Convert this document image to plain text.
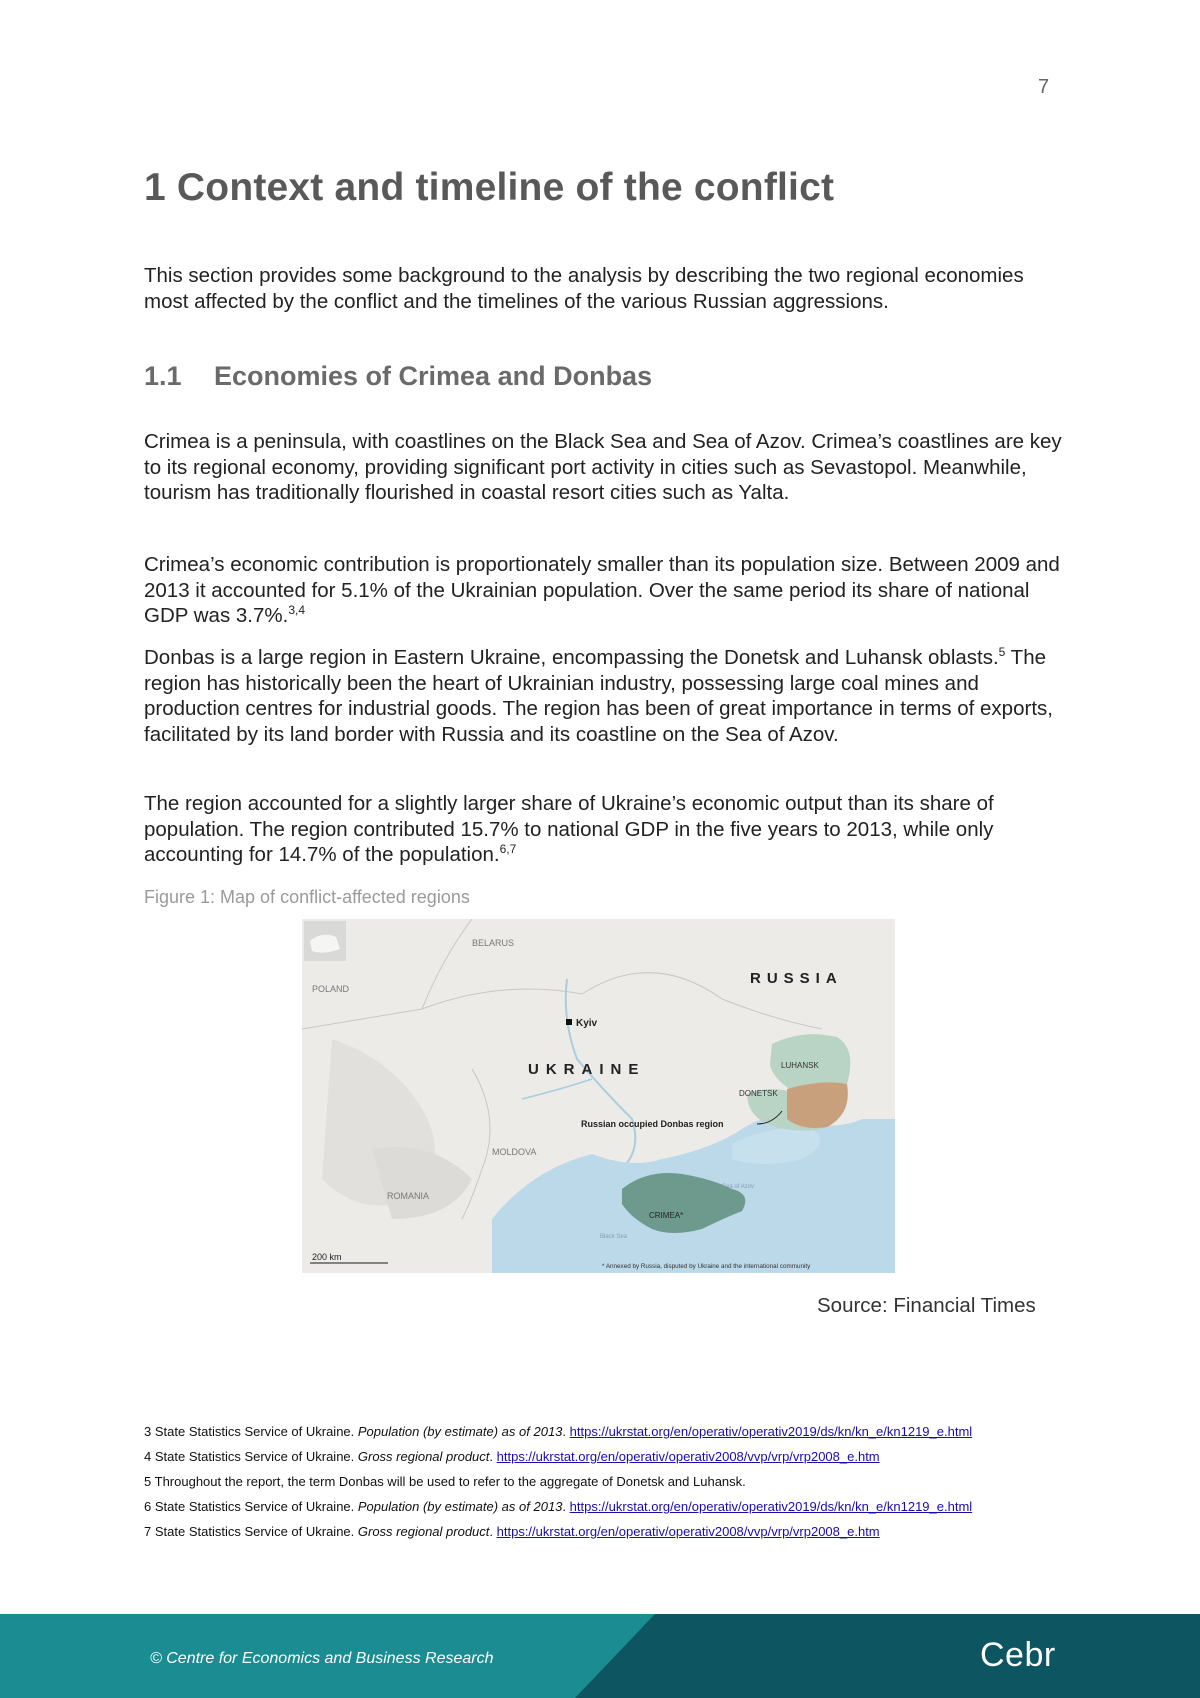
7
1 Context and timeline of the conflict

This section provides some background to the analysis by describing the two regional economies most affected by the conflict and the timelines of the various Russian aggressions.

1.1 Economies of Crimea and Donbas

Crimea is a peninsula, with coastlines on the Black Sea and Sea of Azov. Crimea’s coastlines are key to its regional economy, providing significant port activity in cities such as Sevastopol. Meanwhile, tourism has traditionally flourished in coastal resort cities such as Yalta.

Crimea’s economic contribution is proportionately smaller than its population size. Between 2009 and 2013 it accounted for 5.1% of the Ukrainian population. Over the same period its share of national GDP was 3.7%.$^{3,4}$

Donbas is a large region in Eastern Ukraine, encompassing the Donetsk and Luhansk oblasts.$^5$ The region has historically been the heart of Ukrainian industry, possessing large coal mines and production centres for industrial goods. The region has been of great importance in terms of exports, facilitated by its land border with Russia and its coastline on the Sea of Azov.

The region accounted for a slightly larger share of Ukraine’s economic output than its share of population. The region contributed 15.7% to national GDP in the five years to 2013, while only accounting for 14.7% of the population.$^{6,7}$

Figure 1: Map of conflict-affected regions

BELARUS
POLAND
RUSSIA
Kyiv
UKRAINE	LUHANSK
DONETSK
Russian occupied Donbas region
MOLDOVA
ROMANIA
Sea of Azov
CRIMEA*
Black Sea
200 km
* Annexed by Russia, disputed by Ukraine and the international community
Source: Financial Times
3 State Statistics Service of Ukraine. Population (by estimate) as of 2013. https://ukrstat.org/en/operativ/operativ2019/ds/kn/kn_e/kn1219_e.html
4 State Statistics Service of Ukraine. Gross regional product. https://ukrstat.org/en/operativ/operativ2008/vvp/vrp/vrp2008_e.htm
5 Throughout the report, the term Donbas will be used to refer to the aggregate of Donetsk and Luhansk.
6 State Statistics Service of Ukraine. Population (by estimate) as of 2013. https://ukrstat.org/en/operativ/operativ2019/ds/kn/kn_e/kn1219_e.html
7 State Statistics Service of Ukraine. Gross regional product. https://ukrstat.org/en/operativ/operativ2008/vvp/vrp/vrp2008_e.htm
© Centre for Economics and Business Research	Cebr
